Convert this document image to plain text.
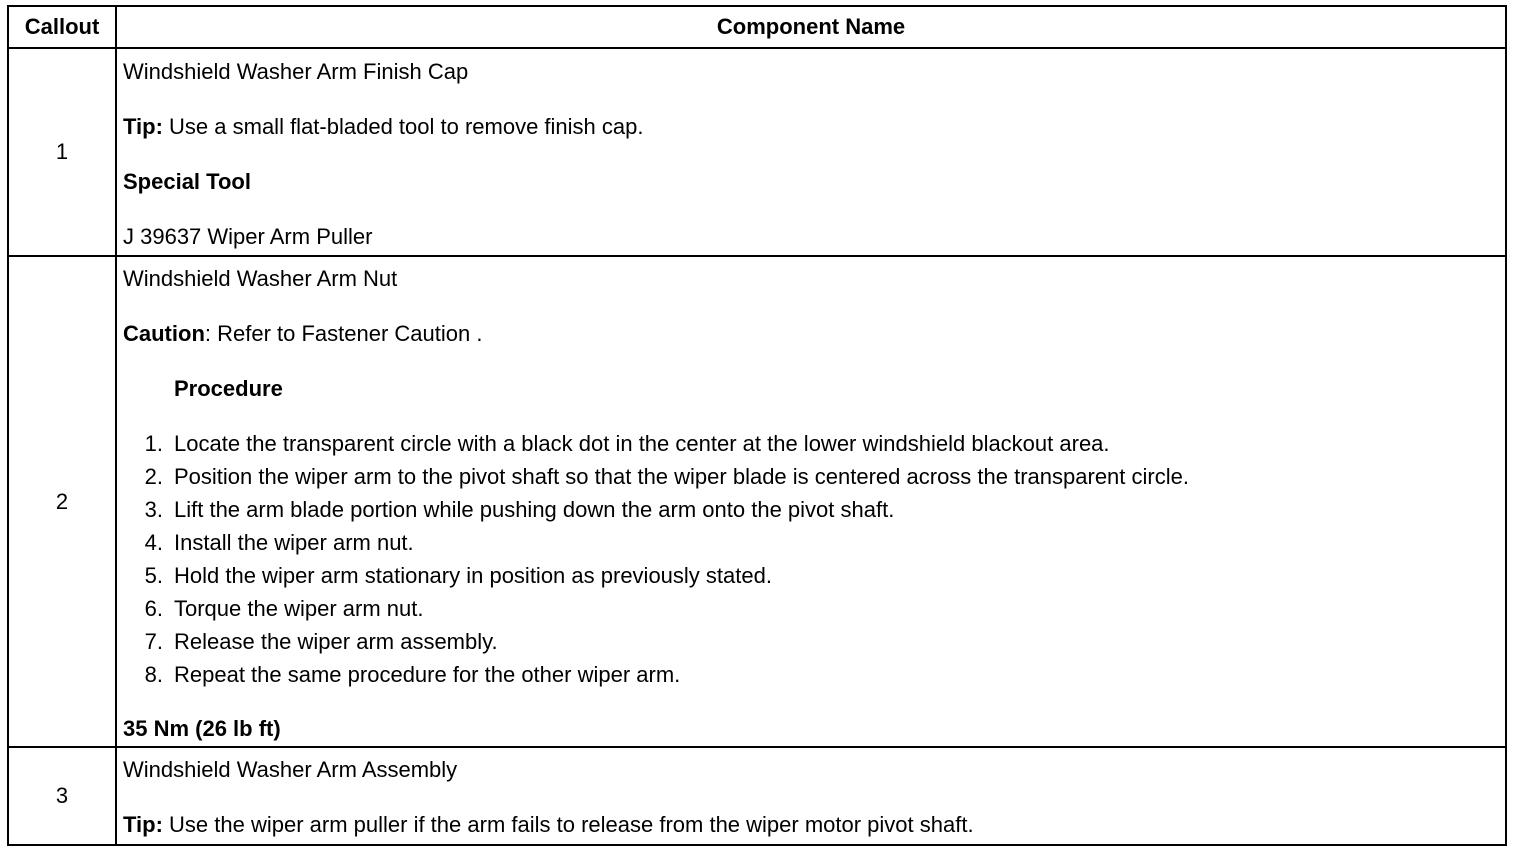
Callout	Component Name
1
Windshield Washer Arm Finish Cap
Tip: Use a small flat-bladed tool to remove finish cap.
Special Tool
J 39637 Wiper Arm Puller
2
Windshield Washer Arm Nut
Caution: Refer to Fastener Caution .
Procedure
1. Locate the transparent circle with a black dot in the center at the lower windshield blackout area.
2. Position the wiper arm to the pivot shaft so that the wiper blade is centered across the transparent circle.
3. Lift the arm blade portion while pushing down the arm onto the pivot shaft.
4. Install the wiper arm nut.
5. Hold the wiper arm stationary in position as previously stated.
6. Torque the wiper arm nut.
7. Release the wiper arm assembly.
8. Repeat the same procedure for the other wiper arm.
35 Nm (26 lb ft)
3
Windshield Washer Arm Assembly
Tip: Use the wiper arm puller if the arm fails to release from the wiper motor pivot shaft.
